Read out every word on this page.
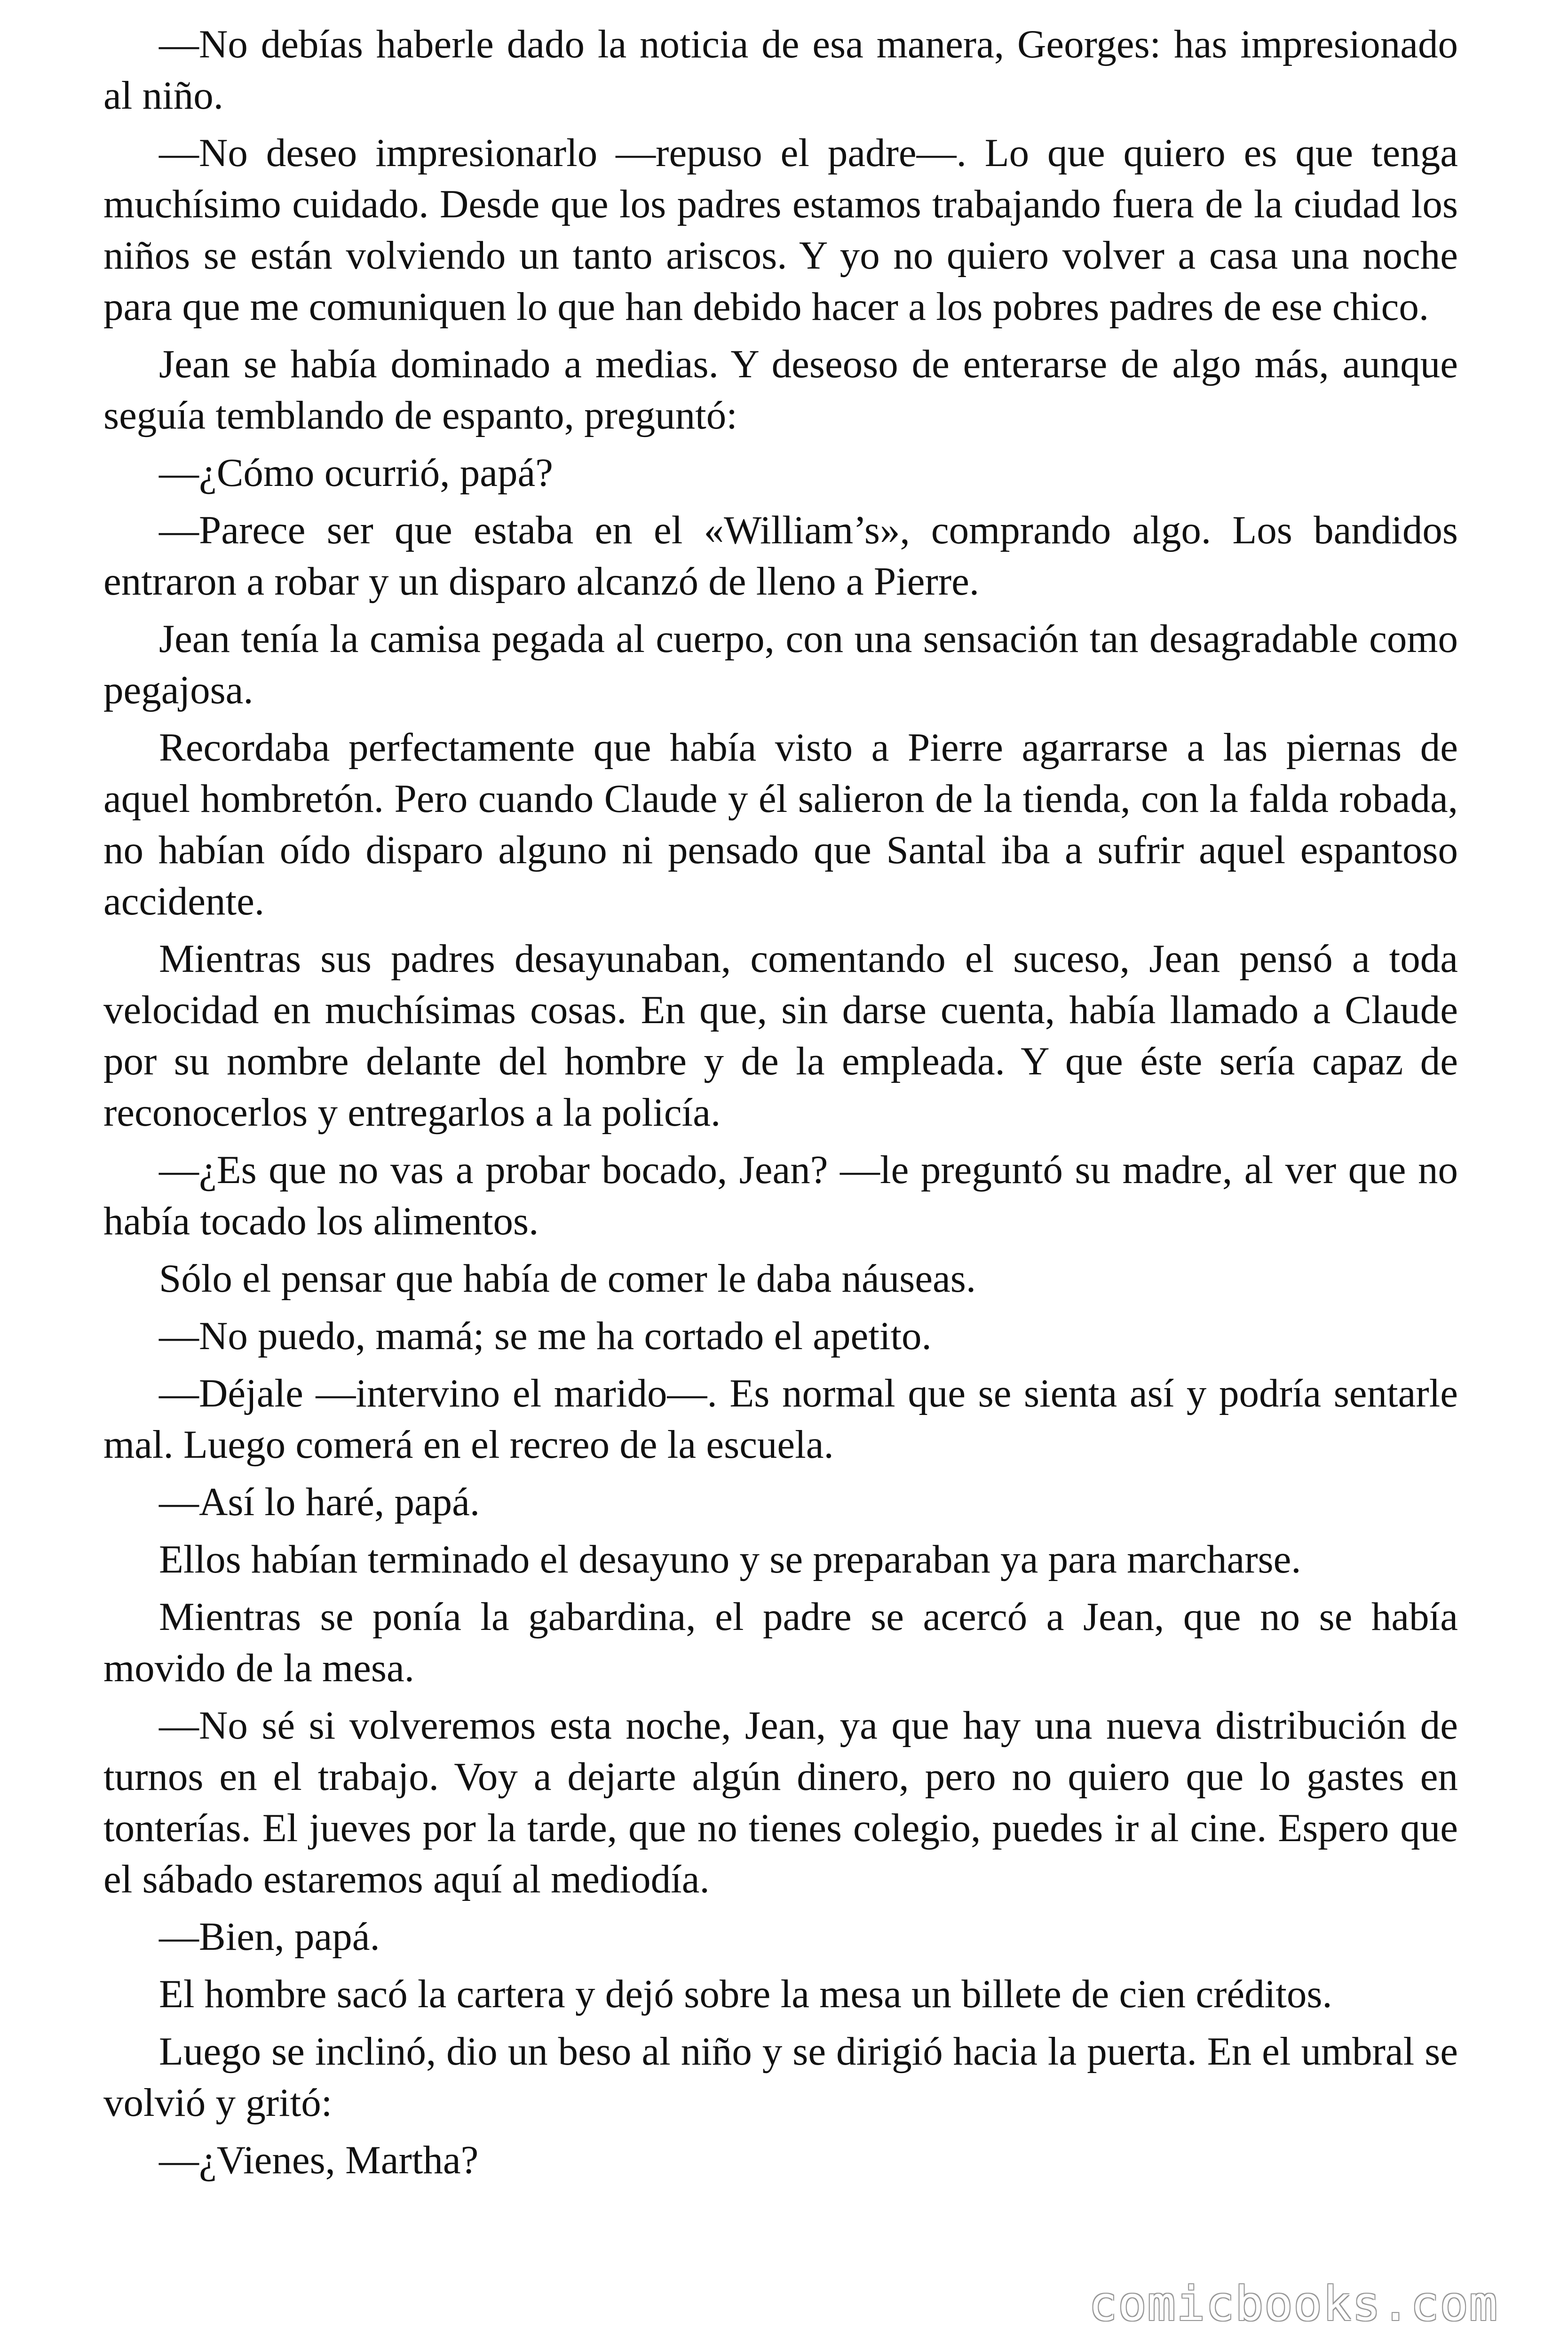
—No debías haberle dado la noticia de esa manera, Georges: has impresionado al niño.

—No deseo impresionarlo —repuso el padre—. Lo que quiero es que tenga muchísimo cuidado. Desde que los padres estamos trabajando fuera de la ciudad los niños se están volviendo un tanto ariscos. Y yo no quiero volver a casa una noche para que me comuniquen lo que han debido hacer a los pobres padres de ese chico.

Jean se había dominado a medias. Y deseoso de enterarse de algo más, aunque seguía temblando de espanto, preguntó:

—¿Cómo ocurrió, papá?

—Parece ser que estaba en el «William’s», comprando algo. Los bandidos entraron a robar y un disparo alcanzó de lleno a Pierre.

Jean tenía la camisa pegada al cuerpo, con una sensación tan desagradable como pegajosa.

Recordaba perfectamente que había visto a Pierre agarrarse a las piernas de aquel hombretón. Pero cuando Claude y él salieron de la tienda, con la falda robada, no habían oído disparo alguno ni pensado que Santal iba a sufrir aquel espantoso accidente.

Mientras sus padres desayunaban, comentando el suceso, Jean pensó a toda velocidad en muchísimas cosas. En que, sin darse cuenta, había llamado a Claude por su nombre delante del hombre y de la empleada. Y que éste sería capaz de reconocerlos y entregarlos a la policía.

—¿Es que no vas a probar bocado, Jean? —le preguntó su madre, al ver que no había tocado los alimentos.

Sólo el pensar que había de comer le daba náuseas.

—No puedo, mamá; se me ha cortado el apetito.

—Déjale —intervino el marido—. Es normal que se sienta así y podría sentarle mal. Luego comerá en el recreo de la escuela.

—Así lo haré, papá.

Ellos habían terminado el desayuno y se preparaban ya para marcharse.

Mientras se ponía la gabardina, el padre se acercó a Jean, que no se había movido de la mesa.

—No sé si volveremos esta noche, Jean, ya que hay una nueva distribución de turnos en el trabajo. Voy a dejarte algún dinero, pero no quiero que lo gastes en tonterías. El jueves por la tarde, que no tienes colegio, puedes ir al cine. Espero que el sábado estaremos aquí al mediodía.

—Bien, papá.

El hombre sacó la cartera y dejó sobre la mesa un billete de cien créditos.

Luego se inclinó, dio un beso al niño y se dirigió hacia la puerta. En el umbral se volvió y gritó:

—¿Vienes, Martha?

comicbooks.com
